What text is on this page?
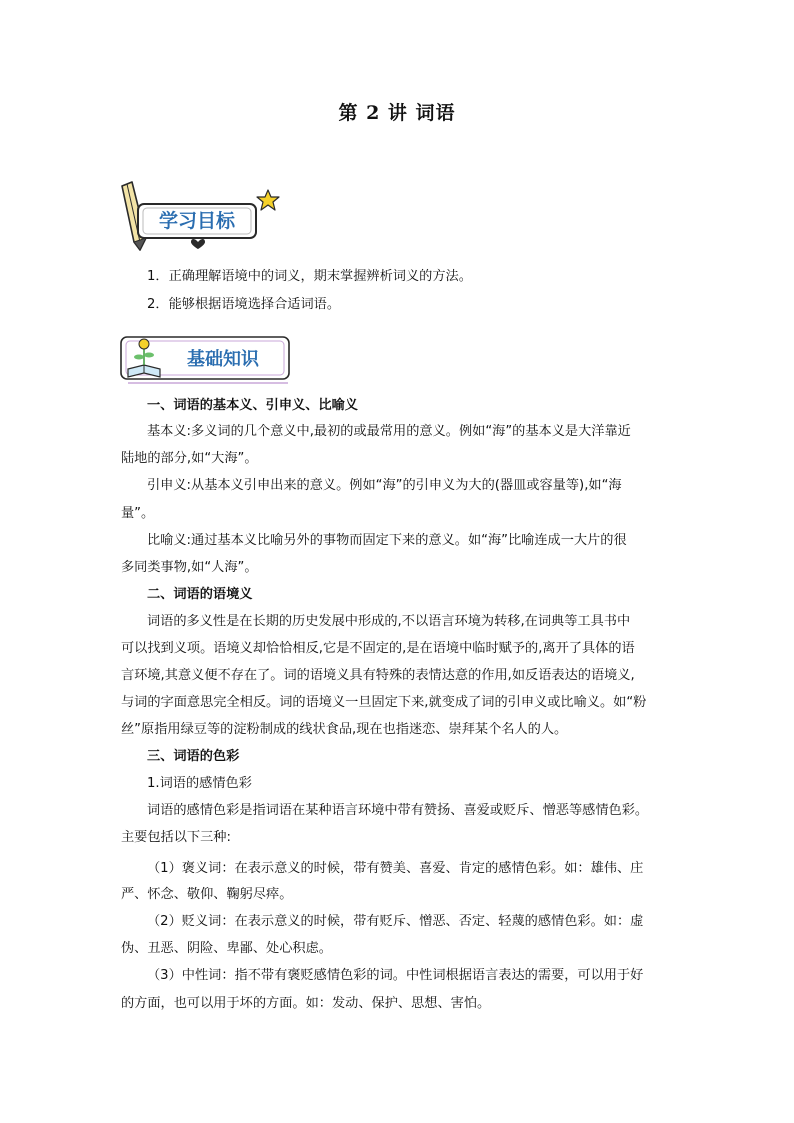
第 2 讲 词语
学习目标
1．正确理解语境中的词义，期末掌握辨析词义的方法。
2．能够根据语境选择合适词语。
基础知识
一、词语的基本义、引申义、比喻义
基本义:多义词的几个意义中,最初的或最常用的意义。例如“海”的基本义是大洋靠近
陆地的部分,如“大海”。
引申义:从基本义引申出来的意义。例如“海”的引申义为大的(器皿或容量等),如“海
量”。
比喻义:通过基本义比喻另外的事物而固定下来的意义。如“海”比喻连成一大片的很
多同类事物,如“人海”。
二、词语的语境义
词语的多义性是在长期的历史发展中形成的,不以语言环境为转移,在词典等工具书中
可以找到义项。语境义却恰恰相反,它是不固定的,是在语境中临时赋予的,离开了具体的语
言环境,其意义便不存在了。词的语境义具有特殊的表情达意的作用,如反语表达的语境义,
与词的字面意思完全相反。词的语境义一旦固定下来,就变成了词的引申义或比喻义。如“粉
丝”原指用绿豆等的淀粉制成的线状食品,现在也指迷恋、崇拜某个名人的人。
三、词语的色彩
1.词语的感情色彩
词语的感情色彩是指词语在某种语言环境中带有赞扬、喜爱或贬斥、憎恶等感情色彩。
主要包括以下三种:
（1）褒义词：在表示意义的时候，带有赞美、喜爱、肯定的感情色彩。如：雄伟、庄
严、怀念、敬仰、鞠躬尽瘁。
（2）贬义词：在表示意义的时候，带有贬斥、憎恶、否定、轻蔑的感情色彩。如：虚
伪、丑恶、阴险、卑鄙、处心积虑。
（3）中性词：指不带有褒贬感情色彩的词。中性词根据语言表达的需要，可以用于好
的方面，也可以用于坏的方面。如：发动、保护、思想、害怕。
